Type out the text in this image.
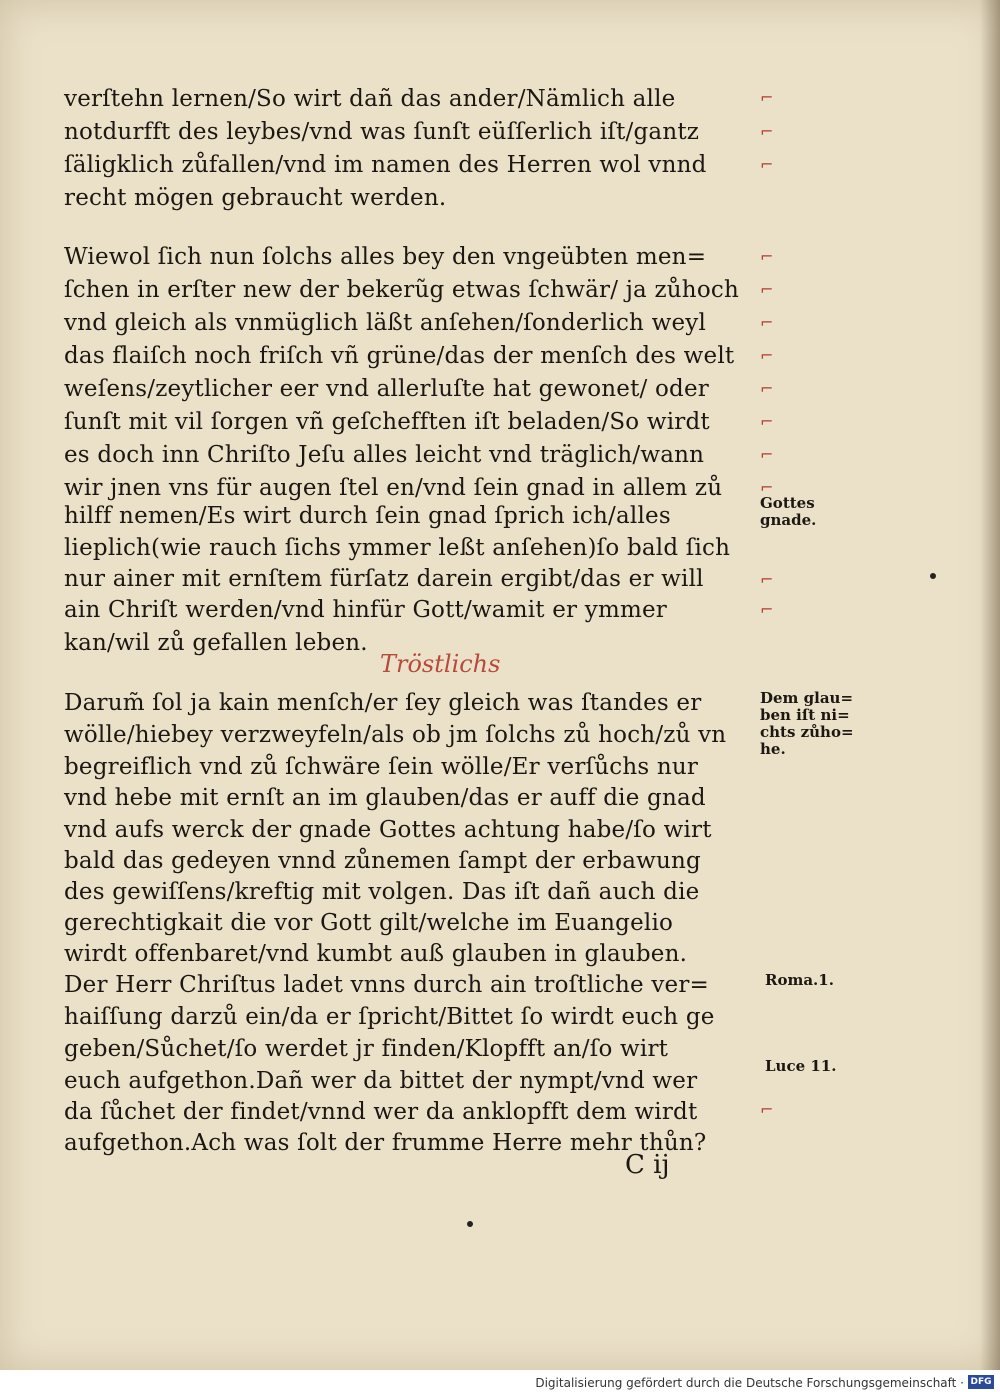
verſtehn lernen/So wirt dañ das ander/Nämlich alle
notdurfft des leybes/vnd was ſunſt eüſſerlich iſt/gantz
ſäligklich zůfallen/vnd im namen des Herren wol vnnd
recht mögen gebraucht werden.
Wiewol ſich nun ſolchs alles bey den vngeübten men=
ſchen in erſter new der bekerũg etwas ſchwär/ ja zůhoch
vnd gleich als vnmüglich läßt anſehen/ſonderlich weyl
das flaiſch noch friſch vñ grüne/das der menſch des welt
weſens/zeytlicher eer vnd allerluſte hat gewonet/ oder
ſunſt mit vil ſorgen vñ geſchefften iſt beladen/So wirdt
es doch inn Chriſto Jeſu alles leicht vnd träglich/wann
wir jnen vns für augen ſtel en/vnd ſein gnad in allem zů
hilff nemen/Es wirt durch ſein gnad ſprich ich/alles
lieplich(wie rauch ſichs ymmer leßt anſehen)ſo bald ſich
nur ainer mit ernſtem fürſatz darein ergibt/das er will
ain Chriſt werden/vnd hinfür Gott/wamit er ymmer
kan/wil zů gefallen leben.
Tröstlichs
Darum̃ ſol ja kain menſch/er ſey gleich was ſtandes er
wölle/hiebey verzweyfeln/als ob jm ſolchs zů hoch/zů vn
begreiflich vnd zů ſchwäre ſein wölle/Er verſůchs nur
vnd hebe mit ernſt an im glauben/das er auff die gnad
vnd aufs werck der gnade Gottes achtung habe/ſo wirt
bald das gedeyen vnnd zůnemen ſampt der erbawung
des gewiſſens/kreftig mit volgen. Das iſt dañ auch die
gerechtigkait die vor Gott gilt/welche im Euangelio
wirdt offenbaret/vnd kumbt auß glauben in glauben.
Der Herr Chriſtus ladet vnns durch ain troſtliche ver=
haiſſung darzů ein/da er ſpricht/Bittet ſo wirdt euch ge
geben/Sůchet/ſo werdet jr finden/Klopfft an/ſo wirt
euch aufgethon.Dañ wer da bittet der nympt/vnd wer
da ſůchet der findet/vnnd wer da anklopfft dem wirdt
aufgethon.Ach was ſolt der frumme Herre mehr thůn?
⌐
⌐
⌐
⌐
⌐
⌐
⌐
⌐
⌐
⌐
⌐
⌐
⌐
⌐
Gottes
gnade.
Dem glau=
ben iſt ni=
chts zůho=
he.
Roma.1.
Luce 11.
C ij
Digitalisierung gefördert durch die Deutsche Forschungsgemeinschaft · DFG
